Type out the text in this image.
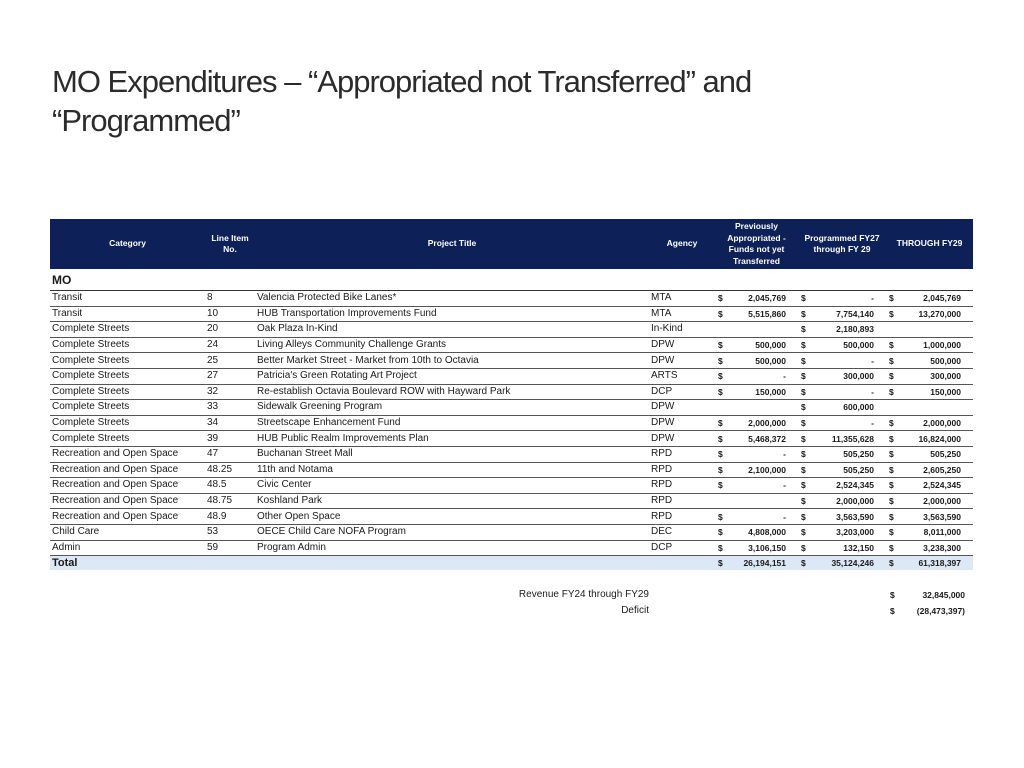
MO Expenditures – “Appropriated not Transferred” and
“Programmed”
Category	Line Item No.	Project Title	Agency	Previously Appropriated - Funds not yet Transferred	Programmed FY27 through FY 29	THROUGH FY29
MO						
Transit	8	Valencia Protected Bike Lanes*	MTA	$ 2,045,769	$ -	$ 2,045,769

Transit	10	HUB Transportation Improvements Fund	MTA	$ 5,515,860	$ 7,754,140	$ 13,270,000

Complete Streets	20	Oak Plaza In-Kind	In-Kind		$ 2,180,893	

Complete Streets	24	Living Alleys Community Challenge Grants	DPW	$ 500,000	$ 500,000	$ 1,000,000

Complete Streets	25	Better Market Street - Market from 10th to Octavia	DPW	$ 500,000	$ -	$ 500,000

Complete Streets	27	Patricia's Green Rotating Art Project	ARTS	$ -	$ 300,000	$ 300,000

Complete Streets	32	Re-establish Octavia Boulevard ROW with Hayward Park	DCP	$ 150,000	$ -	$ 150,000

Complete Streets	33	Sidewalk Greening Program	DPW		$ 600,000	

Complete Streets	34	Streetscape Enhancement Fund	DPW	$ 2,000,000	$ -	$ 2,000,000

Complete Streets	39	HUB Public Realm Improvements Plan	DPW	$ 5,468,372	$ 11,355,628	$ 16,824,000

Recreation and Open Space	47	Buchanan Street Mall	RPD	$ -	$ 505,250	$ 505,250

Recreation and Open Space	48.25	11th and Notama	RPD	$ 2,100,000	$ 505,250	$ 2,605,250

Recreation and Open Space	48.5	Civic Center	RPD	$ -	$ 2,524,345	$ 2,524,345

Recreation and Open Space	48.75	Koshland Park	RPD		$ 2,000,000	$ 2,000,000

Recreation and Open Space	48.9	Other Open Space	RPD	$ -	$ 3,563,590	$ 3,563,590

Child Care	53	OECE Child Care NOFA Program	DEC	$ 4,808,000	$ 3,203,000	$ 8,011,000

Admin	59	Program Admin	DCP	$ 3,106,150	$ 132,150	$ 3,238,300

Total				$ 26,194,151	$ 35,124,246	$ 61,318,397
Revenue FY24 through FY29	$	32,845,000
Deficit	$	(28,473,397)
